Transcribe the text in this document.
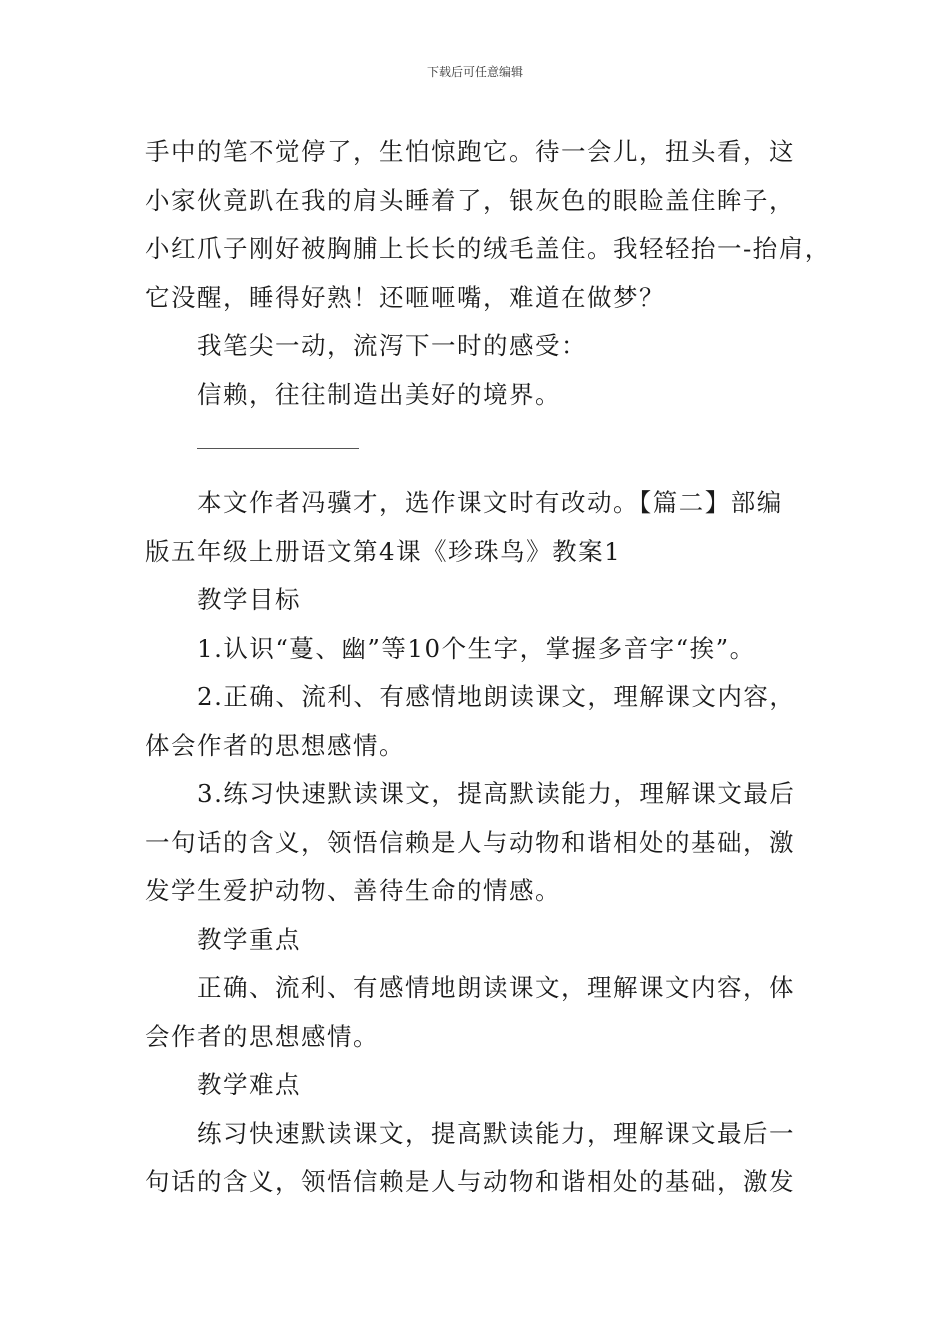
下载后可任意编辑

手中的笔不觉停了，生怕惊跑它。待一会儿，扭头看，这

小家伙竟趴在我的肩头睡着了，银灰色的眼睑盖住眸子，

小红爪子刚好被胸脯上长长的绒毛盖住。我轻轻抬一-抬肩，

它没醒，睡得好熟！还咂咂嘴，难道在做梦？

我笔尖一动，流泻下一时的感受：

信赖，往往制造出美好的境界。

本文作者冯骥才，选作课文时有改动。【篇二】部编

版五年级上册语文第4课《珍珠鸟》教案1

教学目标

1.认识“蔓、幽”等10个生字，掌握多音字“挨”。

2.正确、流利、有感情地朗读课文，理解课文内容，

体会作者的思想感情。

3.练习快速默读课文，提高默读能力，理解课文最后

一句话的含义，领悟信赖是人与动物和谐相处的基础，激

发学生爱护动物、善待生命的情感。

教学重点

正确、流利、有感情地朗读课文，理解课文内容，体

会作者的思想感情。

教学难点

练习快速默读课文，提高默读能力，理解课文最后一

句话的含义，领悟信赖是人与动物和谐相处的基础，激发
